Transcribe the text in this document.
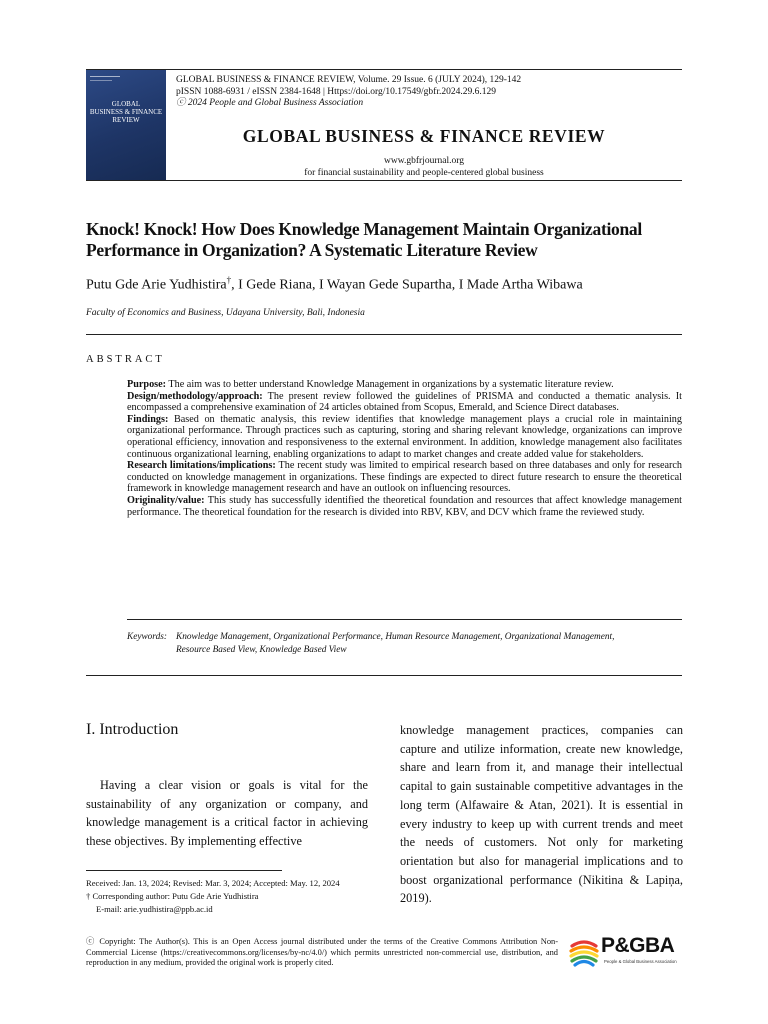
GLOBAL
BUSINESS & FINANCE
REVIEW
GLOBAL BUSINESS & FINANCE REVIEW, Volume. 29 Issue. 6 (JULY 2024), 129-142
pISSN 1088-6931 / eISSN 2384-1648 | Https://doi.org/10.17549/gbfr.2024.29.6.129
ⓒ 2024 People and Global Business Association
GLOBAL BUSINESS & FINANCE REVIEW
www.gbfrjournal.org
for financial sustainability and people-centered global business
Knock! Knock! How Does Knowledge Management Maintain Organizational Performance in Organization? A Systematic Literature Review
Putu Gde Arie Yudhistira†, I Gede Riana, I Wayan Gede Supartha, I Made Artha Wibawa
Faculty of Economics and Business, Udayana University, Bali, Indonesia
ABSTRACT

Purpose: The aim was to better understand Knowledge Management in organizations by a systematic literature review.

Design/methodology/approach: The present review followed the guidelines of PRISMA and conducted a thematic analysis. It encompassed a comprehensive examination of 24 articles obtained from Scopus, Emerald, and Science Direct databases.

Findings: Based on thematic analysis, this review identifies that knowledge management plays a crucial role in maintaining organizational performance. Through practices such as capturing, storing and sharing relevant knowledge, organizations can improve operational efficiency, innovation and responsiveness to the external environment. In addition, knowledge management also facilitates continuous organizational learning, enabling organizations to adapt to market changes and create added value for stakeholders.

Research limitations/implications: The recent study was limited to empirical research based on three databases and only for research conducted on knowledge management in organizations. These findings are expected to direct future research to ensure the theoretical framework in knowledge management research and have an outlook on influencing resources.

Originality/value: This study has successfully identified the theoretical foundation and resources that affect knowledge management performance. The theoretical foundation for the research is divided into RBV, KBV, and DCV which frame the reviewed study.

Keywords: Knowledge Management, Organizational Performance, Human Resource Management, Organizational Management,
Resource Based View, Knowledge Based View
I. Introduction
Having a clear vision or goals is vital for the sustainability of any organization or company, and knowledge management is a critical factor in achieving these objectives. By implementing effective
knowledge management practices, companies can capture and utilize information, create new knowledge, share and learn from it, and manage their intellectual capital to gain sustainable competitive advantages in the long term (Alfawaire & Atan, 2021). It is essential in every industry to keep up with current trends and meet the needs of customers. Not only for marketing orientation but also for managerial implications and to boost organizational performance (Nikitina & Lapiņa, 2019).
Received: Jan. 13, 2024; Revised: Mar. 3, 2024; Accepted: May. 12, 2024
† Corresponding author: Putu Gde Arie Yudhistira
E-mail: arie.yudhistira@ppb.ac.id
ⓒ Copyright: The Author(s). This is an Open Access journal distributed under the terms of the Creative Commons Attribution Non-Commercial License (https://creativecommons.org/licenses/by-nc/4.0/) which permits unrestricted non-commercial use, distribution, and reproduction in any medium, provided the original work is properly cited.
P&GBA
People & Global Business Association
